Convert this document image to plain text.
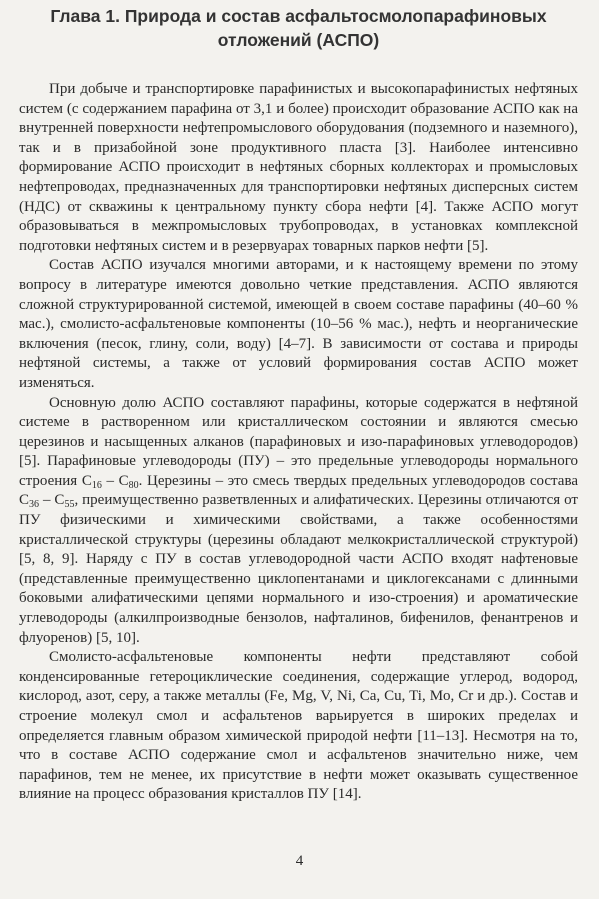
Глава 1. Природа и состав асфальтосмолопарафиновых
отложений (АСПО)

При добыче и транспортировке парафинистых и высокопарафинистых нефтяных систем (с содержанием парафина от 3,1 и более) происходит образование АСПО как на внутренней поверхности нефтепромыслового оборудования (подземного и наземного), так и в призабойной зоне продуктивного пласта [3]. Наиболее интенсивно формирование АСПО происходит в нефтяных сборных коллекторах и промысловых нефтепроводах, предназначенных для транспортировки нефтяных дисперсных систем (НДС) от скважины к центральному пункту сбора нефти [4]. Также АСПО могут образовываться в межпромысловых трубопроводах, в установках комплексной подготовки нефтяных систем и в резервуарах товарных парков нефти [5].

Состав АСПО изучался многими авторами, и к настоящему времени по этому вопросу в литературе имеются довольно четкие представления. АСПО являются сложной структурированной системой, имеющей в своем составе парафины (40–60 % мас.), смолисто-асфальтеновые компоненты (10–56 % мас.), нефть и неорганические включения (песок, глину, соли, воду) [4–7]. В зависимости от состава и природы нефтяной системы, а также от условий формирования состав АСПО может изменяться.

Основную долю АСПО составляют парафины, которые содержатся в нефтяной системе в растворенном или кристаллическом состоянии и являются смесью церезинов и насыщенных алканов (парафиновых и изо-парафиновых углеводородов) [5]. Парафиновые углеводороды (ПУ) – это предельные углеводороды нормального строения $C_{16} - C_{80}$. Церезины – это смесь твердых предельных углеводородов состава $C_{36} - C_{55}$, преимущественно разветвленных и алифатических. Церезины отличаются от ПУ физическими и химическими свойствами, а также особенностями кристаллической структуры (церезины обладают мелкокристаллической структурой) [5, 8, 9]. Наряду с ПУ в состав углеводородной части АСПО входят нафтеновые (представленные преимущественно циклопентанами и циклогексанами с длинными боковыми алифатическими цепями нормального и изо-строения) и ароматические углеводороды (алкилпроизводные бензолов, нафталинов, бифенилов, фенантренов и флуоренов) [5, 10].

Смолисто-асфальтеновые компоненты нефти представляют собой конденсированные гетероциклические соединения, содержащие углерод, водород, кислород, азот, серу, а также металлы (Fe, Mg, V, Ni, Ca, Cu, Ti, Mo, Cr и др.). Состав и строение молекул смол и асфальтенов варьируется в широких пределах и определяется главным образом химической природой нефти [11–13]. Несмотря на то, что в составе АСПО содержание смол и асфальтенов значительно ниже, чем парафинов, тем не менее, их присутствие в нефти может оказывать существенное влияние на процесс образования кристаллов ПУ [14].

4
